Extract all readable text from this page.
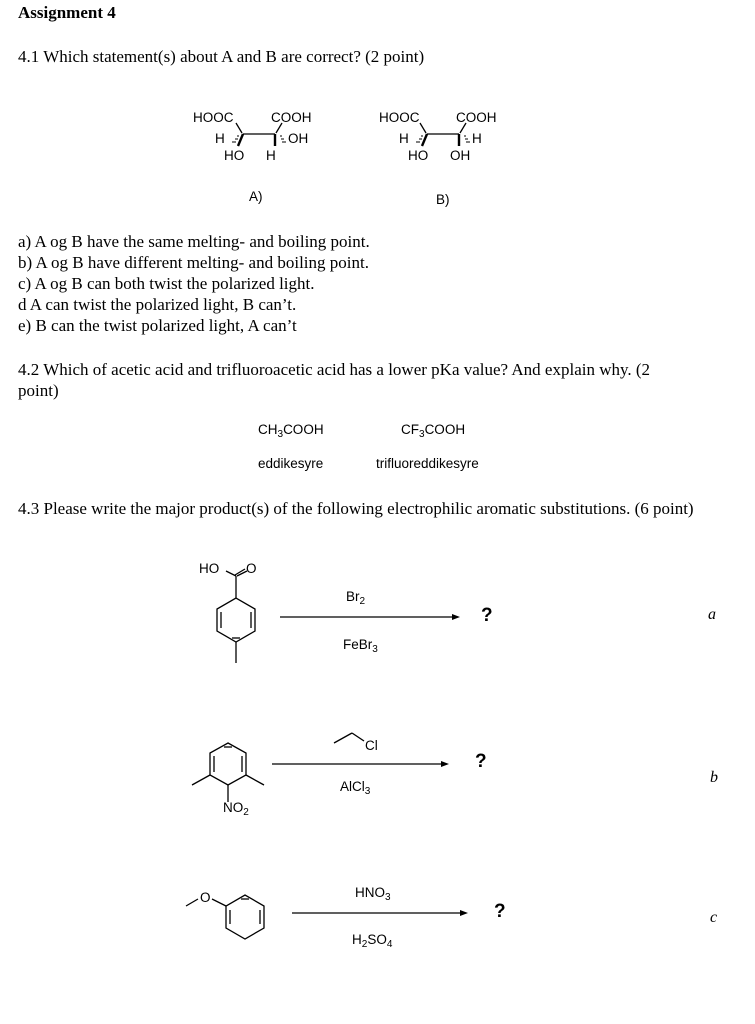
Assignment 4
4.1 Which statement(s) about A and B are correct? (2 point)
HOOC	COOH
H	OH
HO H
A)
HOOC	COOH
H	H
HO OH
B)
a) A og B have the same melting- and boiling point.
b) A og B have different melting- and boiling point.
c) A og B can both twist the polarized light.
d A can twist the polarized light, B can’t.
e) B can the twist polarized light, A can’t
4.2 Which of acetic acid and trifluoroacetic acid has a lower pKa value? And explain why. (2
point)
$CH_3COOH$
eddikesyre
$CF_3COOH$
trifluoreddikesyre
4.3 Please write the major product(s) of the following electrophilic aromatic substitutions. (6 point)
HO O
Cl
O
$Br_2$
FeBr$_3$
?	a
$NO_2$
AlCl$_3$
?
b
$HNO_3$
$H_2SO_4$
?	c
